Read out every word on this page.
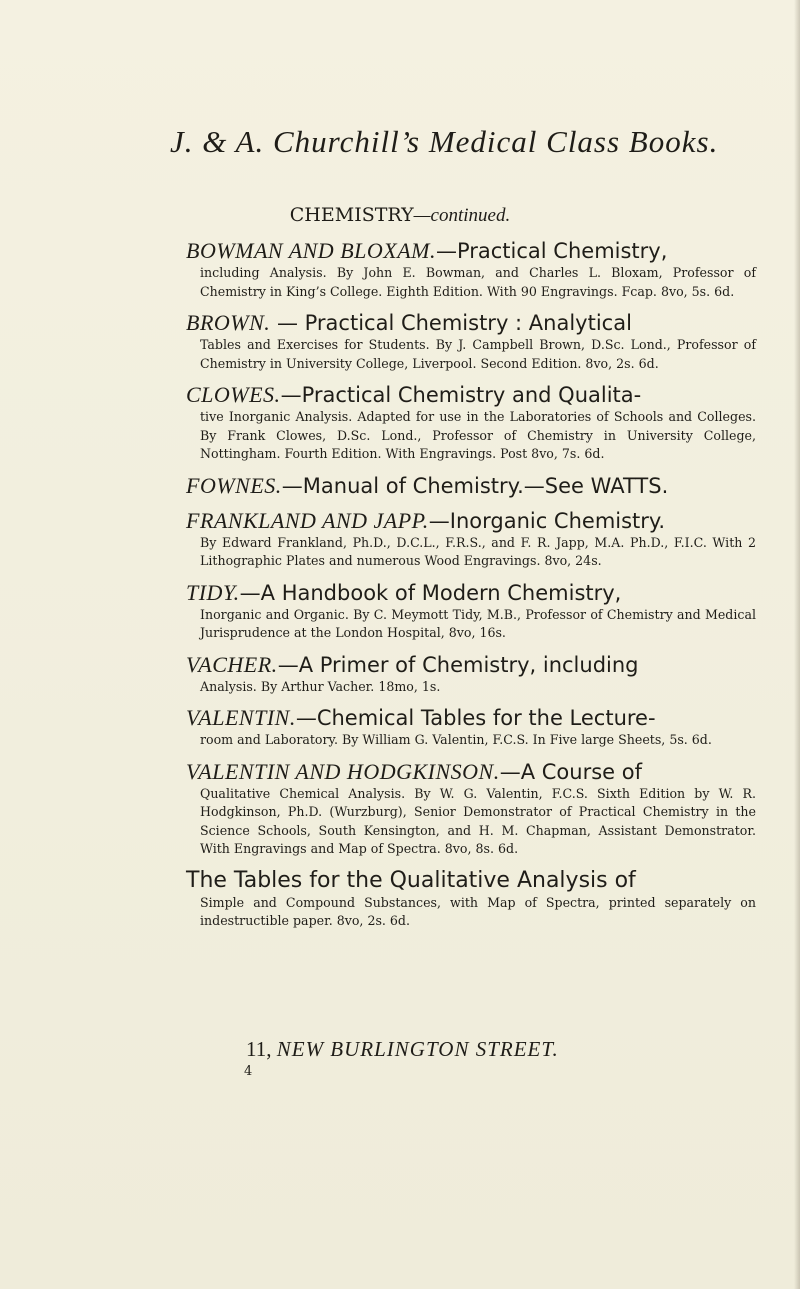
J. & A. Churchill’s Medical Class Books.
CHEMISTRY—continued.
BOWMAN AND BLOXAM.—Practical Chemistry,
including Analysis. By John E. Bowman, and Charles L. Bloxam, Professor of Chemistry in King’s College. Eighth Edition. With 90 Engravings. Fcap. 8vo, 5s. 6d.
BROWN. — Practical Chemistry : Analytical
Tables and Exercises for Students. By J. Campbell Brown, D.Sc. Lond., Professor of Chemistry in University College, Liverpool. Second Edition. 8vo, 2s. 6d.
CLOWES.—Practical Chemistry and Qualita-
tive Inorganic Analysis. Adapted for use in the Laboratories of Schools and Colleges. By Frank Clowes, D.Sc. Lond., Professor of Chemistry in University College, Nottingham. Fourth Edition. With Engravings. Post 8vo, 7s. 6d.
FOWNES.—Manual of Chemistry.—See WATTS.
FRANKLAND AND JAPP.—Inorganic Chemistry.
By Edward Frankland, Ph.D., D.C.L., F.R.S., and F. R. Japp, M.A. Ph.D., F.I.C. With 2 Lithographic Plates and numerous Wood Engravings. 8vo, 24s.
TIDY.—A Handbook of Modern Chemistry,
Inorganic and Organic. By C. Meymott Tidy, M.B., Professor of Chemistry and Medical Jurisprudence at the London Hospital, 8vo, 16s.
VACHER.—A Primer of Chemistry, including
Analysis. By Arthur Vacher. 18mo, 1s.
VALENTIN.—Chemical Tables for the Lecture-
room and Laboratory. By William G. Valentin, F.C.S. In Five large Sheets, 5s. 6d.
VALENTIN AND HODGKINSON.—A Course of
Qualitative Chemical Analysis. By W. G. Valentin, F.C.S. Sixth Edition by W. R. Hodgkinson, Ph.D. (Wurzburg), Senior Demonstrator of Practical Chemistry in the Science Schools, South Kensington, and H. M. Chapman, Assistant Demonstrator. With Engravings and Map of Spectra. 8vo, 8s. 6d.
The Tables for the Qualitative Analysis of
Simple and Compound Substances, with Map of Spectra, printed separately on indestructible paper. 8vo, 2s. 6d.
11, NEW BURLINGTON STREET.
4
